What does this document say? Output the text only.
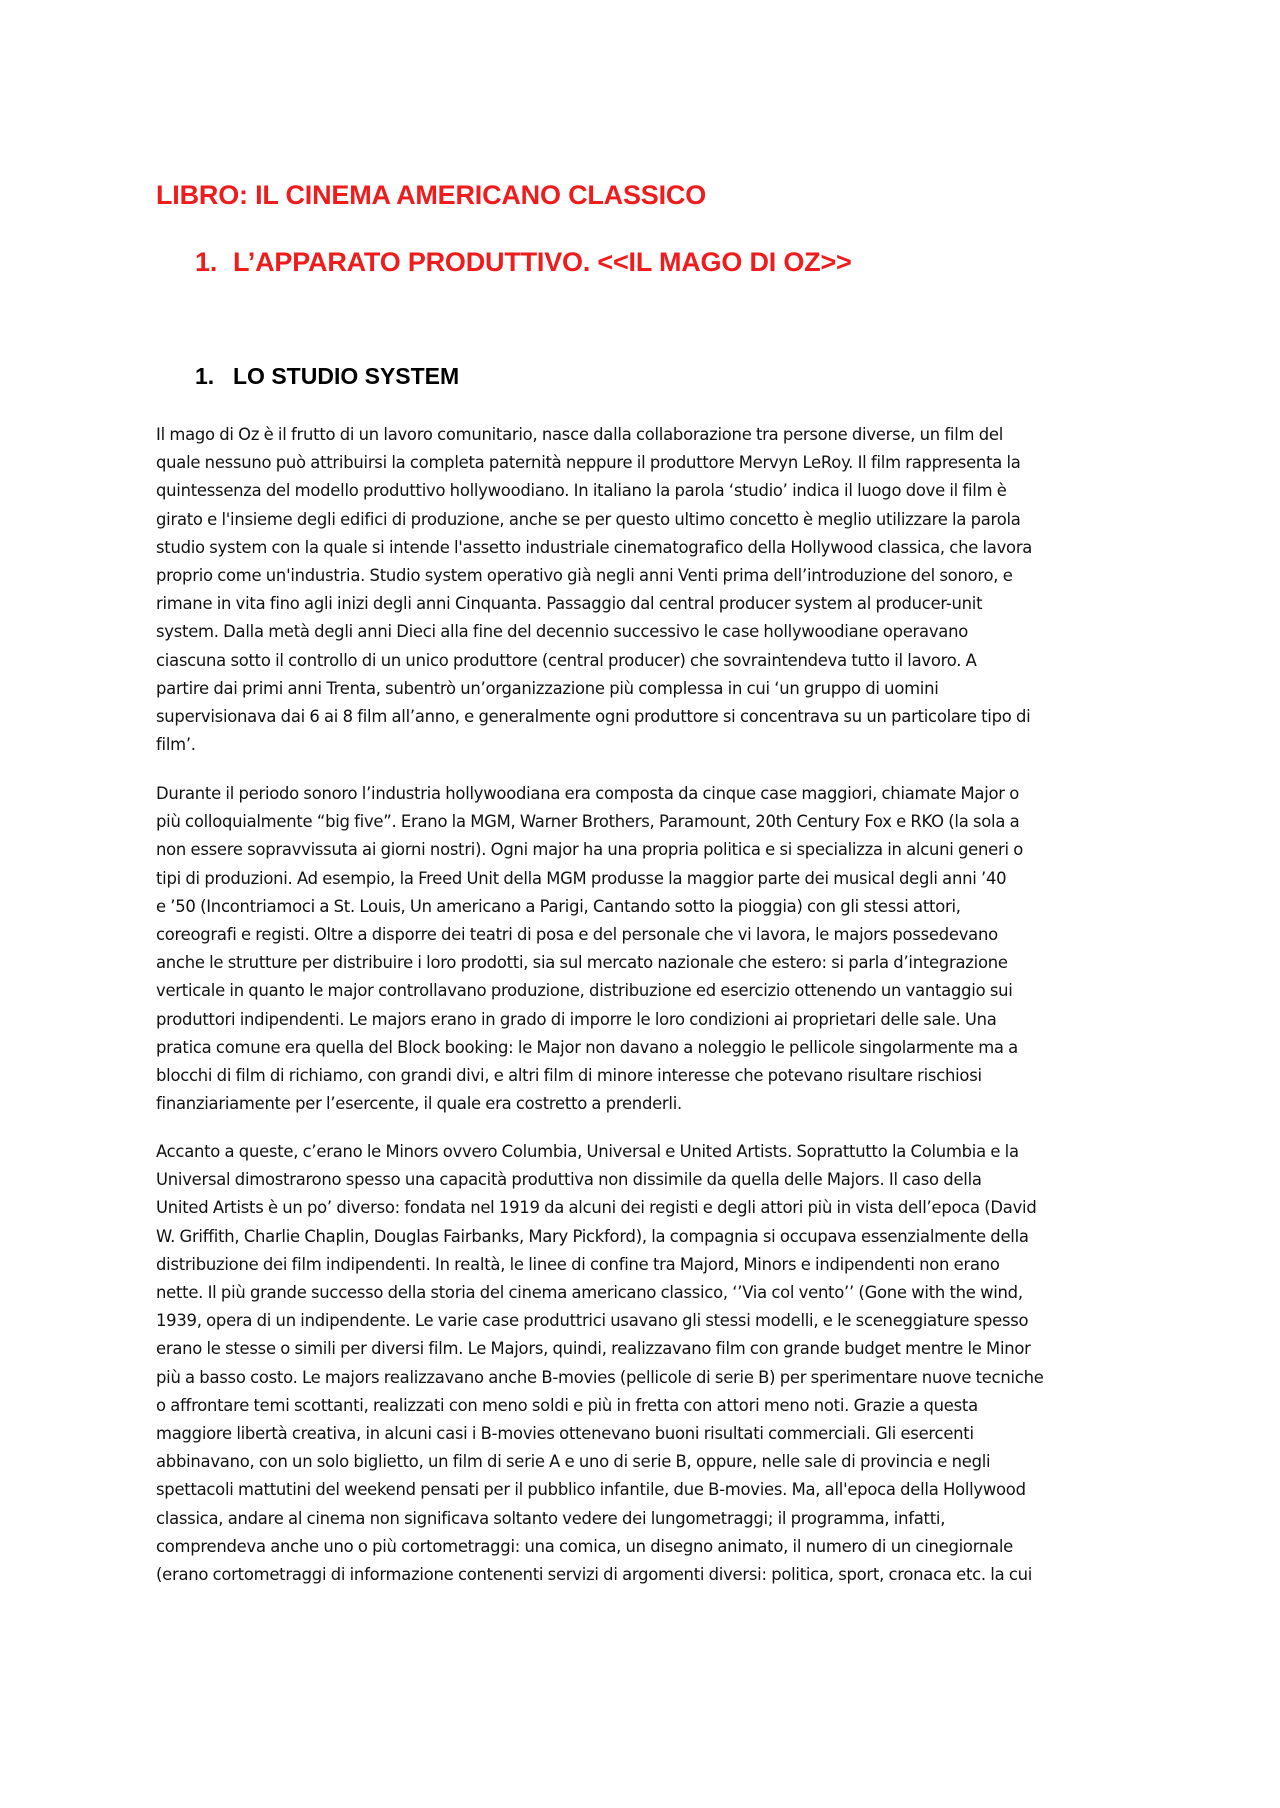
LIBRO: IL CINEMA AMERICANO CLASSICO
1. L’APPARATO PRODUTTIVO. <<IL MAGO DI OZ>>
1. LO STUDIO SYSTEM

Il mago di Oz è il frutto di un lavoro comunitario, nasce dalla collaborazione tra persone diverse, un film del
quale nessuno può attribuirsi la completa paternità neppure il produttore Mervyn LeRoy. Il film rappresenta la
quintessenza del modello produttivo hollywoodiano. In italiano la parola ‘studio’ indica il luogo dove il film è
girato e l'insieme degli edifici di produzione, anche se per questo ultimo concetto è meglio utilizzare la parola
studio system con la quale si intende l'assetto industriale cinematografico della Hollywood classica, che lavora
proprio come un'industria. Studio system operativo già negli anni Venti prima dell’introduzione del sonoro, e
rimane in vita fino agli inizi degli anni Cinquanta. Passaggio dal central producer system al producer-unit
system. Dalla metà degli anni Dieci alla fine del decennio successivo le case hollywoodiane operavano
ciascuna sotto il controllo di un unico produttore (central producer) che sovraintendeva tutto il lavoro. A
partire dai primi anni Trenta, subentrò un’organizzazione più complessa in cui ‘un gruppo di uomini
supervisionava dai 6 ai 8 film all’anno, e generalmente ogni produttore si concentrava su un particolare tipo di
film’.

Durante il periodo sonoro l’industria hollywoodiana era composta da cinque case maggiori, chiamate Major o
più colloquialmente “big five”. Erano la MGM, Warner Brothers, Paramount, 20th Century Fox e RKO (la sola a
non essere sopravvissuta ai giorni nostri). Ogni major ha una propria politica e si specializza in alcuni generi o
tipi di produzioni. Ad esempio, la Freed Unit della MGM produsse la maggior parte dei musical degli anni ’40
e ’50 (Incontriamoci a St. Louis, Un americano a Parigi, Cantando sotto la pioggia) con gli stessi attori,
coreografi e registi. Oltre a disporre dei teatri di posa e del personale che vi lavora, le majors possedevano
anche le strutture per distribuire i loro prodotti, sia sul mercato nazionale che estero: si parla d’integrazione
verticale in quanto le major controllavano produzione, distribuzione ed esercizio ottenendo un vantaggio sui
produttori indipendenti. Le majors erano in grado di imporre le loro condizioni ai proprietari delle sale. Una
pratica comune era quella del Block booking: le Major non davano a noleggio le pellicole singolarmente ma a
blocchi di film di richiamo, con grandi divi, e altri film di minore interesse che potevano risultare rischiosi
finanziariamente per l’esercente, il quale era costretto a prenderli.

Accanto a queste, c’erano le Minors ovvero Columbia, Universal e United Artists. Soprattutto la Columbia e la
Universal dimostrarono spesso una capacità produttiva non dissimile da quella delle Majors. Il caso della
United Artists è un po’ diverso: fondata nel 1919 da alcuni dei registi e degli attori più in vista dell’epoca (David
W. Griffith, Charlie Chaplin, Douglas Fairbanks, Mary Pickford), la compagnia si occupava essenzialmente della
distribuzione dei film indipendenti. In realtà, le linee di confine tra Majord, Minors e indipendenti non erano
nette. Il più grande successo della storia del cinema americano classico, ‘’Via col vento’’ (Gone with the wind,
1939, opera di un indipendente. Le varie case produttrici usavano gli stessi modelli, e le sceneggiature spesso
erano le stesse o simili per diversi film. Le Majors, quindi, realizzavano film con grande budget mentre le Minor
più a basso costo. Le majors realizzavano anche B-movies (pellicole di serie B) per sperimentare nuove tecniche
o affrontare temi scottanti, realizzati con meno soldi e più in fretta con attori meno noti. Grazie a questa
maggiore libertà creativa, in alcuni casi i B-movies ottenevano buoni risultati commerciali. Gli esercenti
abbinavano, con un solo biglietto, un film di serie A e uno di serie B, oppure, nelle sale di provincia e negli
spettacoli mattutini del weekend pensati per il pubblico infantile, due B-movies. Ma, all'epoca della Hollywood
classica, andare al cinema non significava soltanto vedere dei lungometraggi; il programma, infatti,
comprendeva anche uno o più cortometraggi: una comica, un disegno animato, il numero di un cinegiornale
(erano cortometraggi di informazione contenenti servizi di argomenti diversi: politica, sport, cronaca etc. la cui
